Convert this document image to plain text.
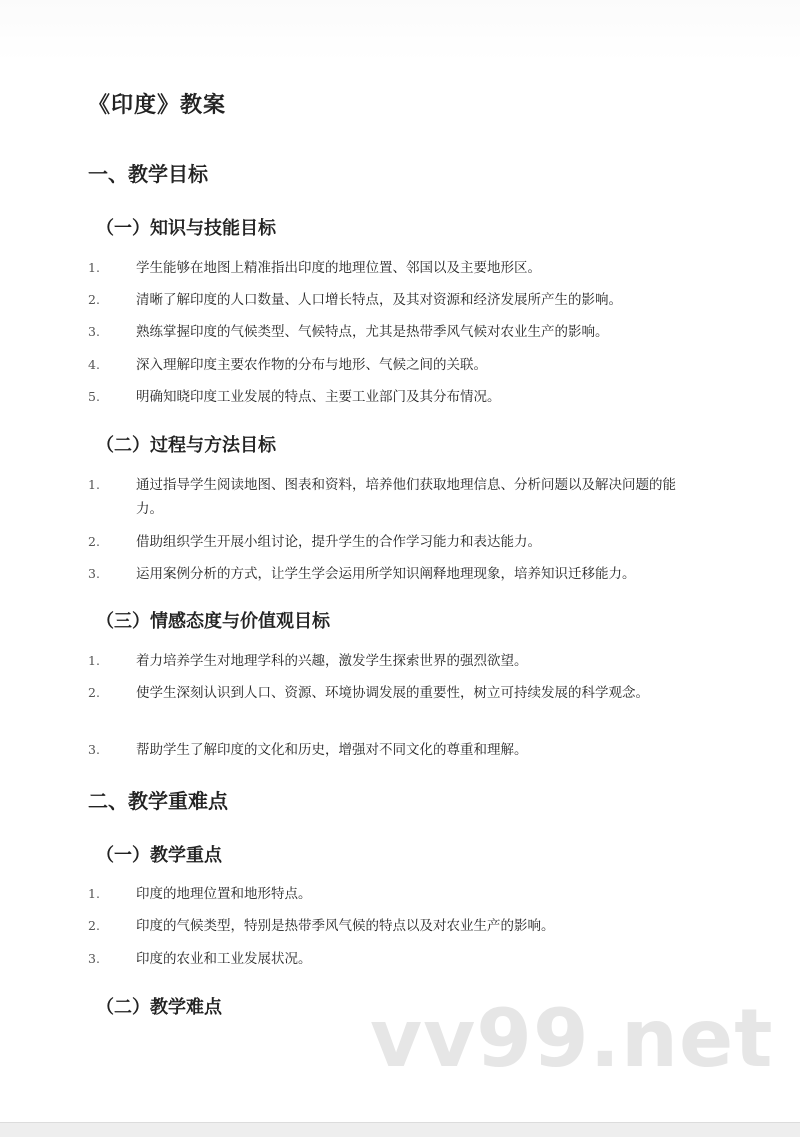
《印度》教案
一、教学目标
（一）知识与技能目标
1.	学生能够在地图上精准指出印度的地理位置、邻国以及主要地形区。
2.	清晰了解印度的人口数量、人口增长特点，及其对资源和经济发展所产生的影响。
3.	熟练掌握印度的气候类型、气候特点，尤其是热带季风气候对农业生产的影响。
4.	深入理解印度主要农作物的分布与地形、气候之间的关联。
5.	明确知晓印度工业发展的特点、主要工业部门及其分布情况。
（二）过程与方法目标
1.	通过指导学生阅读地图、图表和资料，培养他们获取地理信息、分析问题以及解决问题的能力。
2.	借助组织学生开展小组讨论，提升学生的合作学习能力和表达能力。
3.	运用案例分析的方式，让学生学会运用所学知识阐释地理现象，培养知识迁移能力。
（三）情感态度与价值观目标
1.	着力培养学生对地理学科的兴趣，激发学生探索世界的强烈欲望。
2.	使学生深刻认识到人口、资源、环境协调发展的重要性，树立可持续发展的科学观念。
3.	帮助学生了解印度的文化和历史，增强对不同文化的尊重和理解。
二、教学重难点
（一）教学重点
1.	印度的地理位置和地形特点。
2.	印度的气候类型，特别是热带季风气候的特点以及对农业生产的影响。
3.	印度的农业和工业发展状况。
（二）教学难点 vv99.net
